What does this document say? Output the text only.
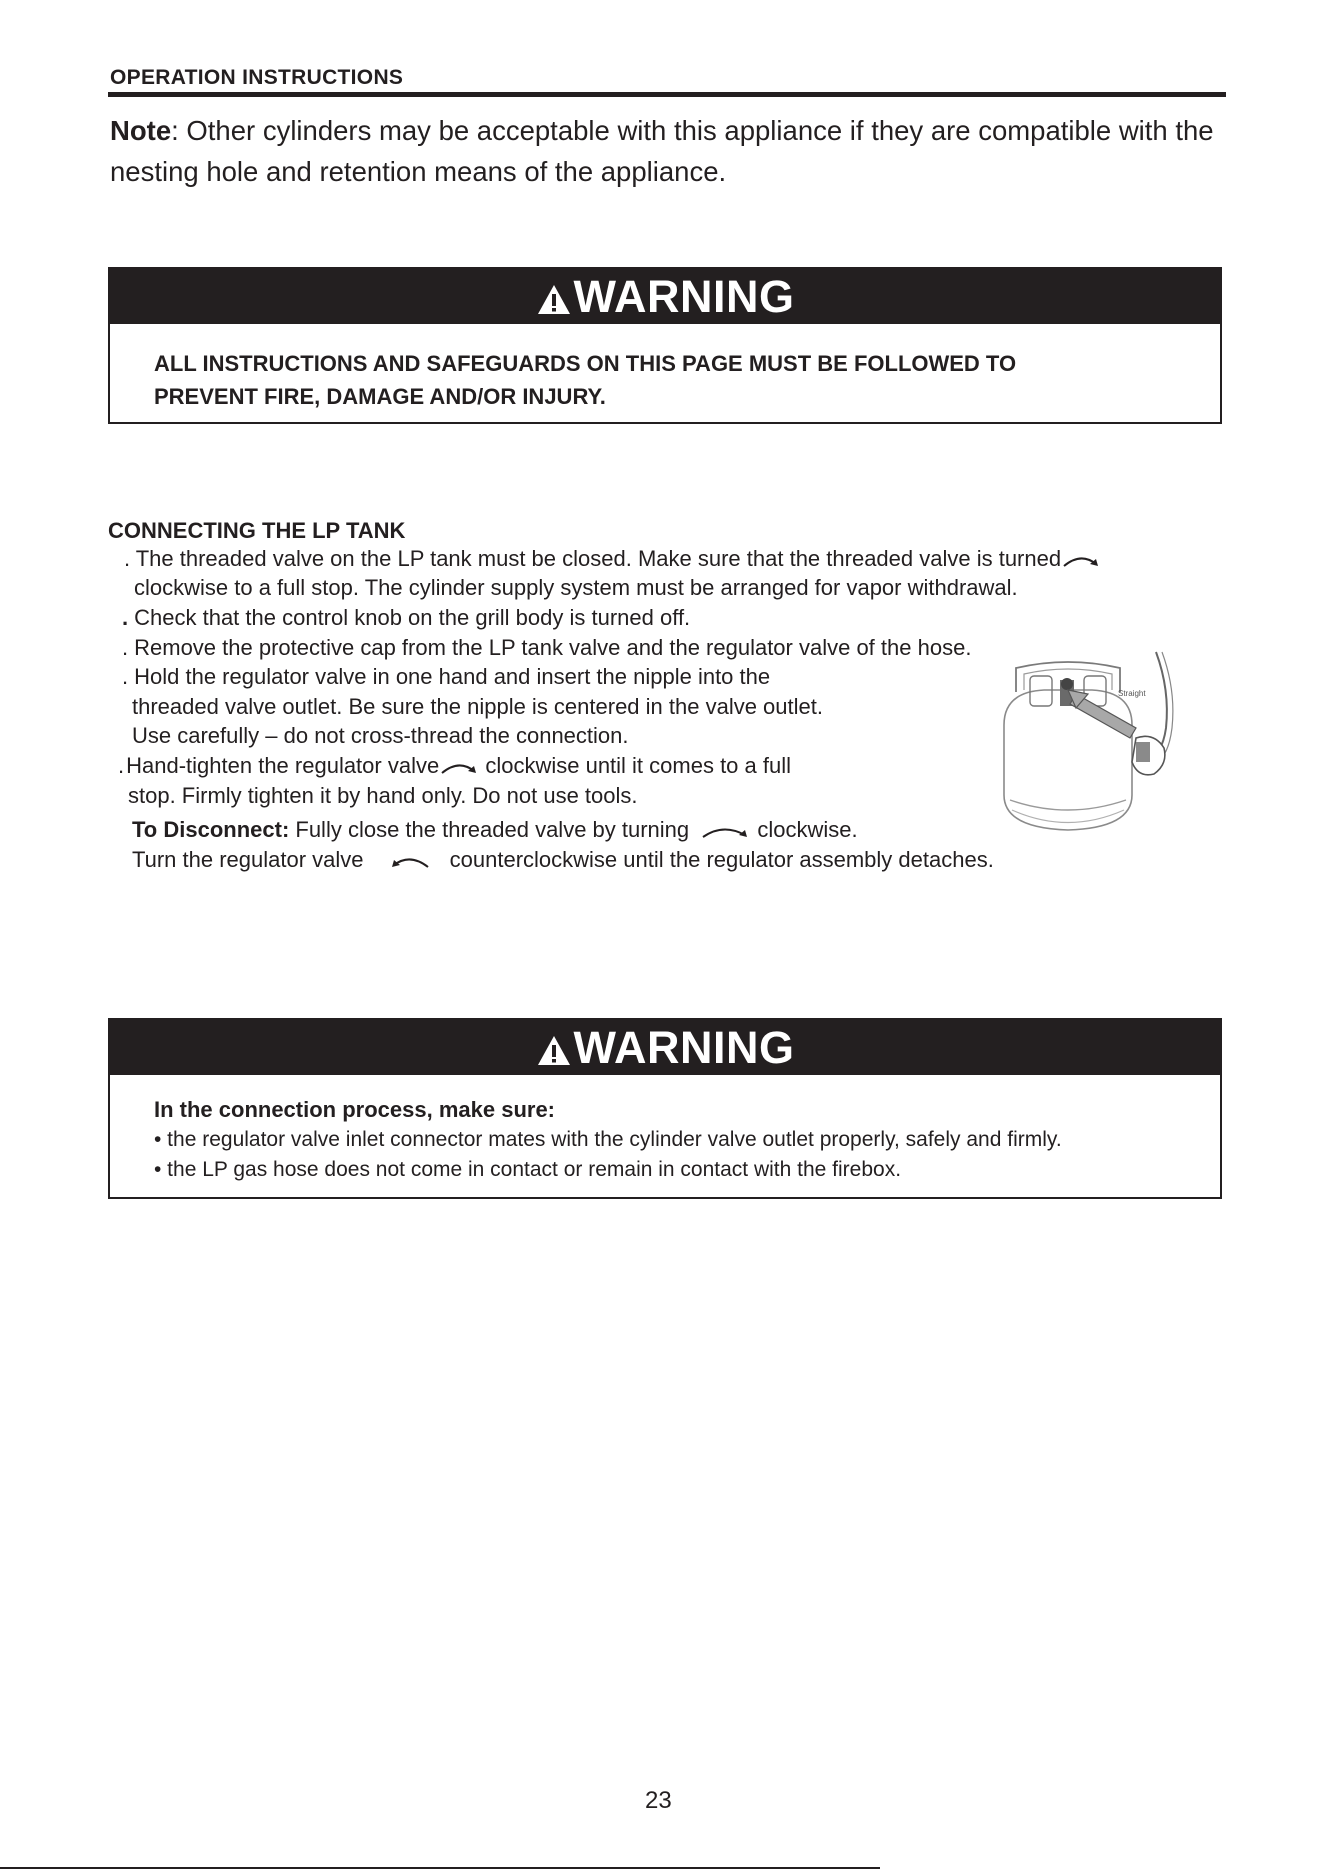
OPERATION INSTRUCTIONS
Note: Other cylinders may be acceptable with this appliance if they are compatible with the nesting hole and retention means of the appliance.
WARNING
ALL INSTRUCTIONS AND SAFEGUARDS ON THIS PAGE MUST BE FOLLOWED TO
PREVENT FIRE, DAMAGE AND/OR INJURY.
CONNECTING THE LP TANK
. The threaded valve on the LP tank must be closed. Make sure that the threaded valve is turned
clockwise to a full stop. The cylinder supply system must be arranged for vapor withdrawal.
. Check that the control knob on the grill body is turned off.
. Remove the protective cap from the LP tank valve and the regulator valve of the hose.
. Hold the regulator valve in one hand and insert the nipple into the
threaded valve outlet. Be sure the nipple is centered in the valve outlet.
Use carefully – do not cross-thread the connection.
.Hand-tighten the regulator valve clockwise until it comes to a full
stop. Firmly tighten it by hand only. Do not use tools.
To Disconnect: Fully close the threaded valve by turning	clockwise.
Turn the regulator valve	counterclockwise until the regulator assembly detaches.
Straight
WARNING
In the connection process, make sure:
• the regulator valve inlet connector mates with the cylinder valve outlet properly, safely and firmly.
• the LP gas hose does not come in contact or remain in contact with the firebox.
23
